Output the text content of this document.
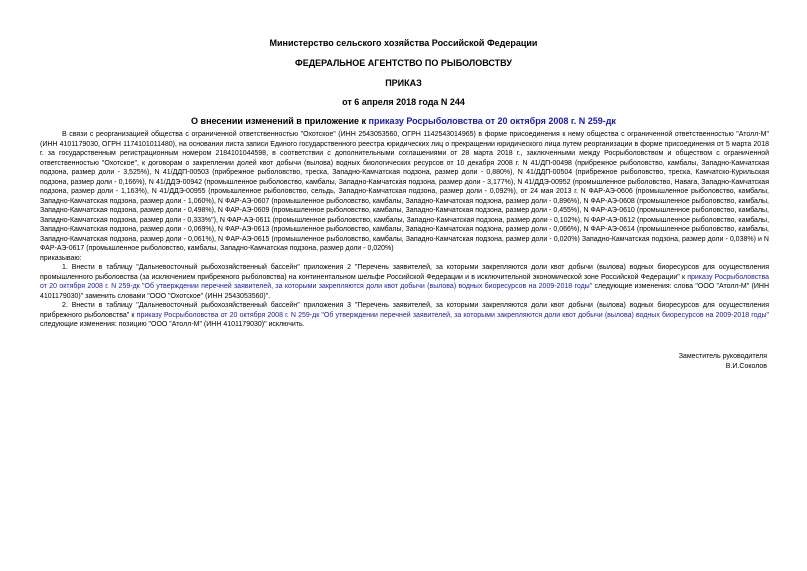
Министерство сельского хозяйства Российской Федерации
ФЕДЕРАЛЬНОЕ АГЕНТСТВО ПО РЫБОЛОВСТВУ
ПРИКАЗ
от 6 апреля 2018 года N 244
О внесении изменений в приложение к приказу Росрыболовства от 20 октября 2008 г. N 259-дк

В связи с реорганизацией общества с ограниченной ответственностью "Охотское" (ИНН 2543053560, ОГРН 1142543014965) в форме присоединения к нему общества с ограниченной ответственностью "Атолл-М" (ИНН 4101179030, ОГРН 1174101011480), на основании листа записи Единого государственного реестра юридических лиц о прекращении юридического лица путем реорганизации в форме присоединения от 5 марта 2018 г. за государственным регистрационным номером 2184101044598, в соответствии с дополнительными соглашениями от 28 марта 2018 г., заключенными между Росрыболовством и обществом с ограниченной ответственностью "Охотское", к договорам о закреплении долей квот добычи (вылова) водных биологических ресурсов от 10 декабря 2008 г. N 41/ДП-00498 (прибрежное рыболовство, камбалы, Западно-Камчатская подзона, размер доли - 3,525%), N 41/ДДП-00503 (прибрежное рыболовство, треска, Западно-Камчатская подзона, размер доли - 0,880%), N 41/ДДП-00504 (прибрежное рыболовство, треска, Камчатско-Курильская подзона, размер доли - 0,166%), N 41/ДДЭ-00942 (промышленное рыболовство, камбалы, Западно-Камчатская подзона, размер доли - 3,177%), N 41/ДДЭ-00952 (промышленное рыболовство, Навага, Западно-Камчатская подзона, размер доли - 1,163%), N 41/ДДЭ-00955 (промышленное рыболовство, сельдь, Западно-Камчатская подзона, размер доли - 0,092%), от 24 мая 2013 г. N ФАР-АЭ-0606 (промышленное рыболовство, камбалы, Западно-Камчатская подзона, размер доли - 1,060%), N ФАР-АЭ-0607 (промышленное рыболовство, камбалы, Западно-Камчатская подзона, размер доли - 0,896%), N ФАР-АЭ-0608 (промышленное рыболовство, камбалы, Западно-Камчатская подзона, размер доли - 0,498%), N ФАР-АЭ-0609 (промышленное рыболовство, камбалы, Западно-Камчатская подзона, размер доли - 0,455%), N ФАР-АЭ-0610 (промышленное рыболовство, камбалы, Западно-Камчатская подзона, размер доли - 0,333%"), N ФАР-АЭ-0611 (промышленное рыболовство, камбалы, Западно-Камчатская подзона, размер доли - 0,102%), N ФАР-АЭ-0612 (промышленное рыболовство, камбалы, Западно-Камчатская подзона, размер доли - 0,069%), N ФАР-АЭ-0613 (промышленное рыболовство, камбалы, Западно-Камчатская подзона, размер доли - 0,066%), N ФАР-АЭ-0614 (промышленное рыболовство, камбалы, Западно-Камчатская подзона, размер доли - 0,061%), N ФАР-АЭ-0615 (промышленное рыболовство, камбалы, Западно-Камчатская подзона, размер доли - 0,020%) Западно-Камчатская подзона, размер доли - 0,038%) и N ФАР-АЭ-0617 (промышленное рыболовство, камбалы, Западно-Камчатская подзона, размер доли - 0,020%)

приказываю:

1. Внести в таблицу "Дальневосточный рыбохозяйственный бассейн" приложения 2 "Перечень заявителей, за которыми закрепляются доли квот добычи (вылова) водных биоресурсов для осуществления промышленного рыболовства (за исключением прибрежного рыболовства) на континентальном шельфе Российской Федерации и в исключительной экономической зоне Российской Федерации" к приказу Росрыболовства от 20 октября 2008 г. N 259-дк "Об утверждении перечней заявителей, за которыми закрепляются доли квот добычи (вылова) водных биоресурсов на 2009-2018 годы" следующие изменения: слова "ООО "Атолл-М" (ИНН 4101179030)" заменить словами "ООО "Охотское" (ИНН 2543053560)".

2. Внести в таблицу "Дальневосточный рыбохозяйственный бассейн" приложения 3 "Перечень заявителей, за которыми закрепляются доли квот добычи (вылова) водных биоресурсов для осуществления прибрежного рыболовства" к приказу Росрыболовства от 20 октября 2008 г. N 259-дк "Об утверждении перечней заявителей, за которыми закрепляются доли квот добычи (вылова) водных биоресурсов на 2009-2018 годы" следующие изменения: позицию "ООО "Атолл-М" (ИНН 4101179030)" исключить.

Заместитель руководителя
В.И.Соколов
